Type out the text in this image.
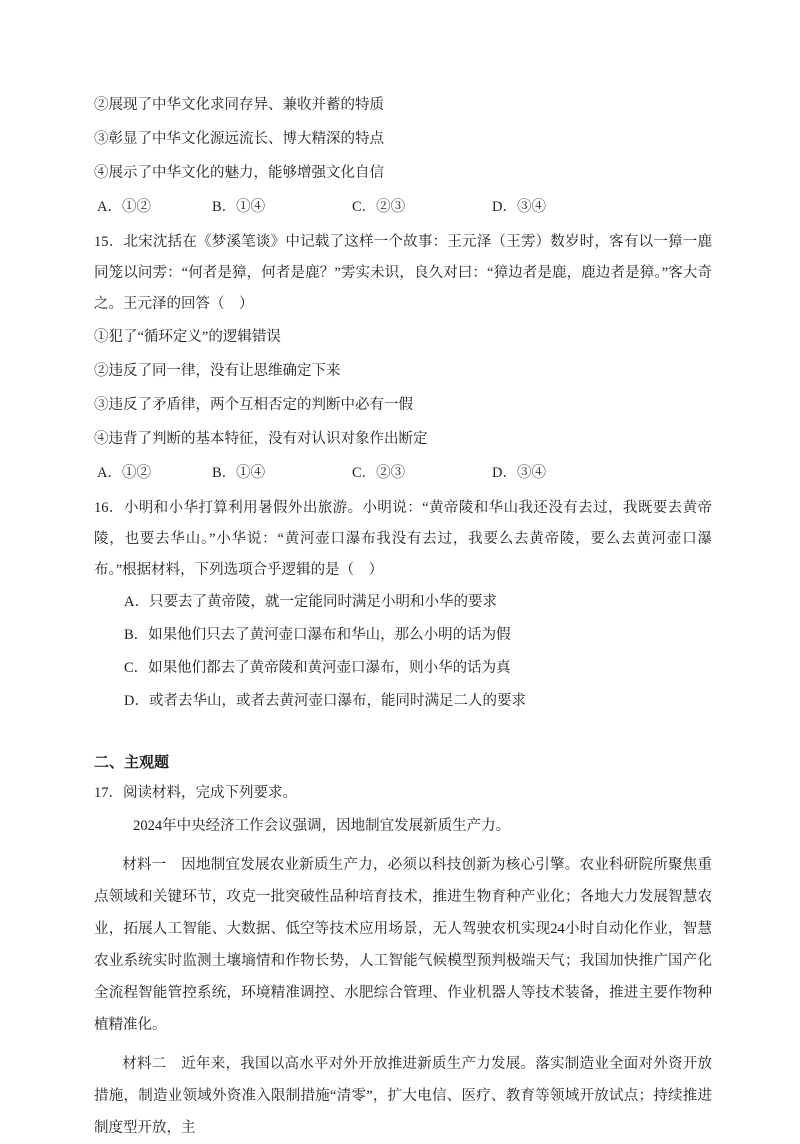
②展现了中华文化求同存异、兼收并蓄的特质

③彰显了中华文化源远流长、博大精深的特点

④展示了中华文化的魅力，能够增强文化自信

A．①②	B．①④	C．②③	D．③④

15．北宋沈括在《梦溪笔谈》中记载了这样一个故事：王元泽（王雱）数岁时，客有以一獐一鹿同笼以问雱：“何者是獐，何者是鹿？”雱实未识，良久对曰：“獐边者是鹿，鹿边者是獐。”客大奇之。王元泽的回答（　）

①犯了“循环定义”的逻辑错误

②违反了同一律，没有让思维确定下来

③违反了矛盾律，两个互相否定的判断中必有一假

④违背了判断的基本特征，没有对认识对象作出断定

A．①②	B．①④	C．②③	D．③④

16．小明和小华打算利用暑假外出旅游。小明说：“黄帝陵和华山我还没有去过，我既要去黄帝陵，也要去华山。”小华说：“黄河壶口瀑布我没有去过，我要么去黄帝陵，要么去黄河壶口瀑布。”根据材料，下列选项合乎逻辑的是（　）

A．只要去了黄帝陵，就一定能同时满足小明和小华的要求

B．如果他们只去了黄河壶口瀑布和华山，那么小明的话为假

C．如果他们都去了黄帝陵和黄河壶口瀑布，则小华的话为真

D．或者去华山，或者去黄河壶口瀑布，能同时满足二人的要求

二、主观题

17．阅读材料，完成下列要求。

2024年中央经济工作会议强调，因地制宜发展新质生产力。

材料一　因地制宜发展农业新质生产力，必须以科技创新为核心引擎。农业科研院所聚焦重点领域和关键环节，攻克一批突破性品种培育技术，推进生物育种产业化；各地大力发展智慧农业，拓展人工智能、大数据、低空等技术应用场景，无人驾驶农机实现24小时自动化作业，智慧农业系统实时监测土壤墒情和作物长势，人工智能气候模型预判极端天气；我国加快推广国产化全流程智能管控系统，环境精准调控、水肥综合管理、作业机器人等技术装备，推进主要作物种植精准化。

材料二　近年来，我国以高水平对外开放推进新质生产力发展。落实制造业全面对外资开放措施，制造业领域外资准入限制措施“清零”，扩大电信、医疗、教育等领域开放试点；持续推进制度型开放，主
